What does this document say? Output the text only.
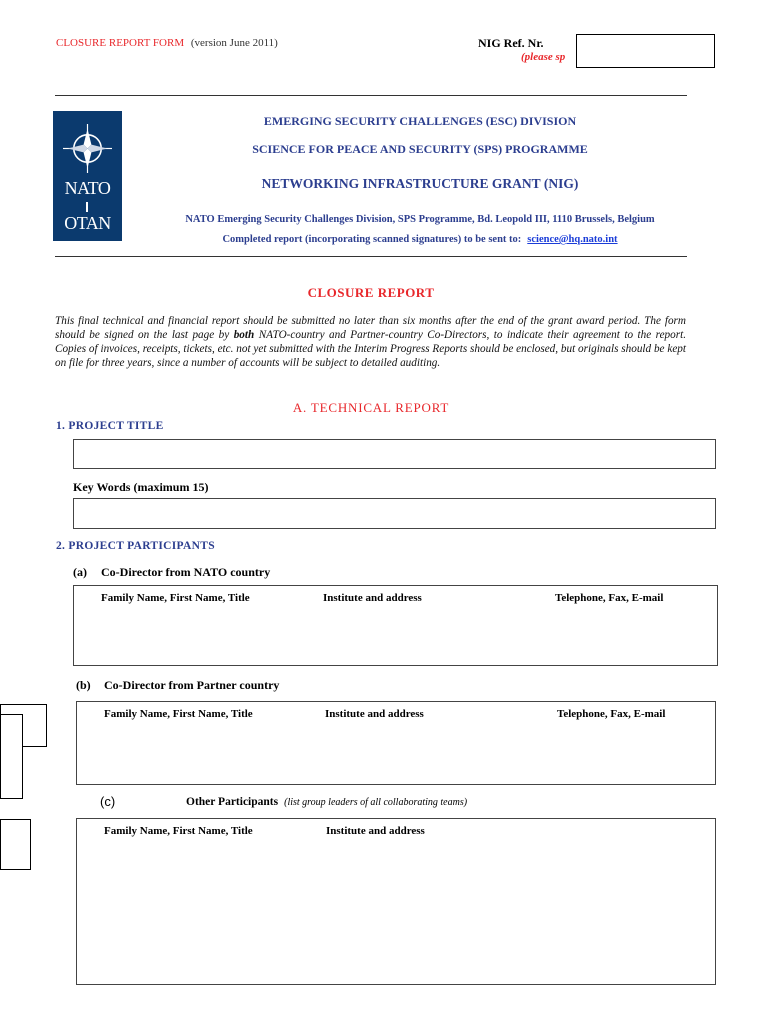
CLOSURE REPORT FORM (version June 2011)	NIG Ref. Nr.
(please sp
NATO
OTAN
EMERGING SECURITY CHALLENGES (ESC) DIVISION
SCIENCE FOR PEACE AND SECURITY (SPS) PROGRAMME
NETWORKING INFRASTRUCTURE GRANT (NIG)
NATO Emerging Security Challenges Division, SPS Programme, Bd. Leopold III, 1110 Brussels, Belgium
Completed report (incorporating scanned signatures) to be sent to: science@hq.nato.int
CLOSURE REPORT
This final technical and financial report should be submitted no later than six months after the end of the grant award period. The form should be signed on the last page by both NATO-country and Partner-country Co-Directors, to indicate their agreement to the report. Copies of invoices, receipts, tickets, etc. not yet submitted with the Interim Progress Reports should be enclosed, but originals should be kept on file for three years, since a number of accounts will be subject to detailed auditing.
A. TECHNICAL REPORT
1. PROJECT TITLE
Key Words (maximum 15)
2. PROJECT PARTICIPANTS
(a) Co-Director from NATO country
Family Name, First Name, Title	Institute and address	Telephone, Fax, E-mail
(b) Co-Director from Partner country
Family Name, First Name, Title	Institute and address	Telephone, Fax, E-mail
(c)	Other Participants (list group leaders of all collaborating teams)
Family Name, First Name, Title	Institute and address
